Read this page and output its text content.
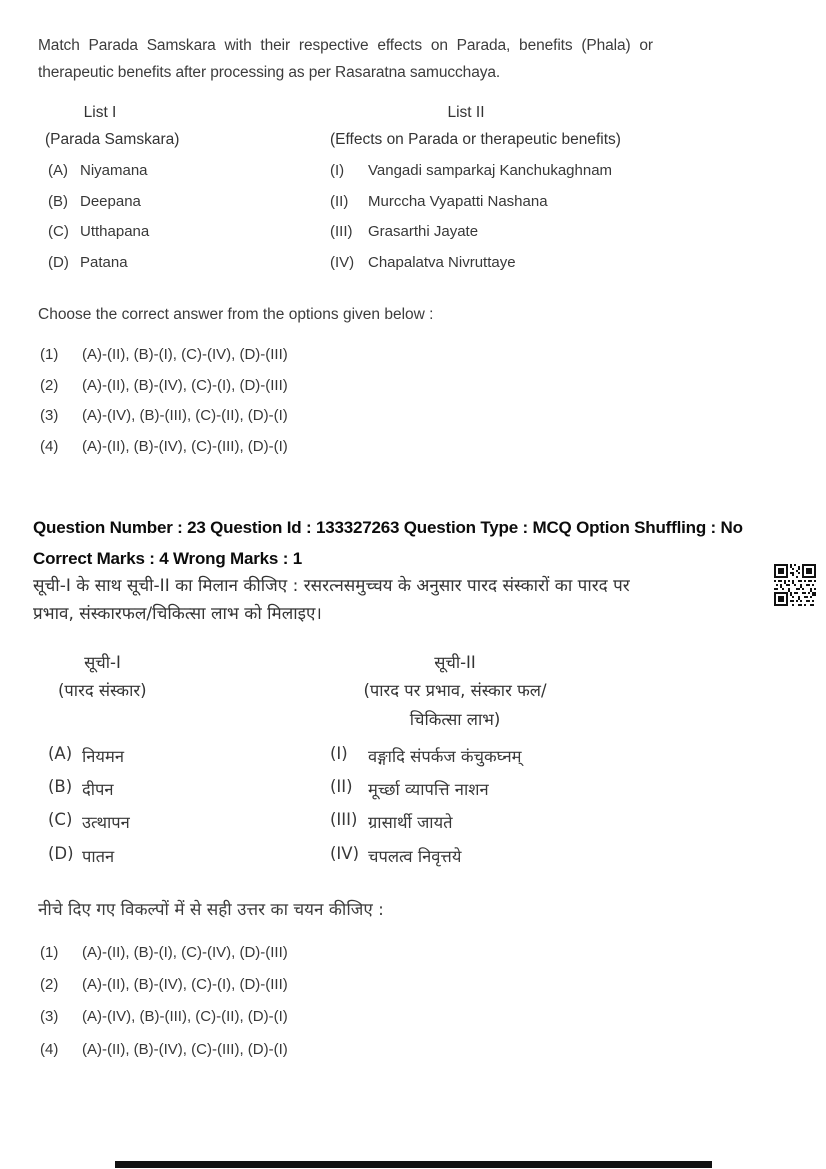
Match Parada Samskara with their respective effects on Parada, benefits (Phala) or therapeutic benefits after processing as per Rasaratna samucchaya.
List I
(Parada Samskara)
List II
(Effects on Parada or therapeutic benefits)
(A) Niyamana	(I) Vangadi samparkaj Kanchukaghnam
(B) Deepana	(II) Murccha Vyapatti Nashana
(C) Utthapana	(III) Grasarthi Jayate
(D) Patana	(IV) Chapalatva Nivruttaye
Choose the correct answer from the options given below :
(1) (A)-(II), (B)-(I), (C)-(IV), (D)-(III)
(2) (A)-(II), (B)-(IV), (C)-(I), (D)-(III)
(3) (A)-(IV), (B)-(III), (C)-(II), (D)-(I)
(4) (A)-(II), (B)-(IV), (C)-(III), (D)-(I)
Question Number : 23 Question Id : 133327263 Question Type : MCQ Option Shuffling : No
Correct Marks : 4 Wrong Marks : 1
सूची-I के साथ सूची-II का मिलान कीजिए : रसरत्नसमुच्चय के अनुसार पारद संस्कारों का पारद पर प्रभाव, संस्कारफल/चिकित्सा लाभ को मिलाइए।
सूची-I
(पारद संस्कार)
सूची-II
(पारद पर प्रभाव, संस्कार फल/
चिकित्सा लाभ)
(A) नियमन	(I) वङ्गादि संपर्कज कंचुकघ्नम्
(B) दीपन	(II) मूर्च्छा व्यापत्ति नाशन
(C) उत्थापन	(III) ग्रासार्थी जायते
(D) पातन	(IV) चपलत्व निवृत्तये
नीचे दिए गए विकल्पों में से सही उत्तर का चयन कीजिए :
(1) (A)-(II), (B)-(I), (C)-(IV), (D)-(III)
(2) (A)-(II), (B)-(IV), (C)-(I), (D)-(III)
(3) (A)-(IV), (B)-(III), (C)-(II), (D)-(I)
(4) (A)-(II), (B)-(IV), (C)-(III), (D)-(I)
